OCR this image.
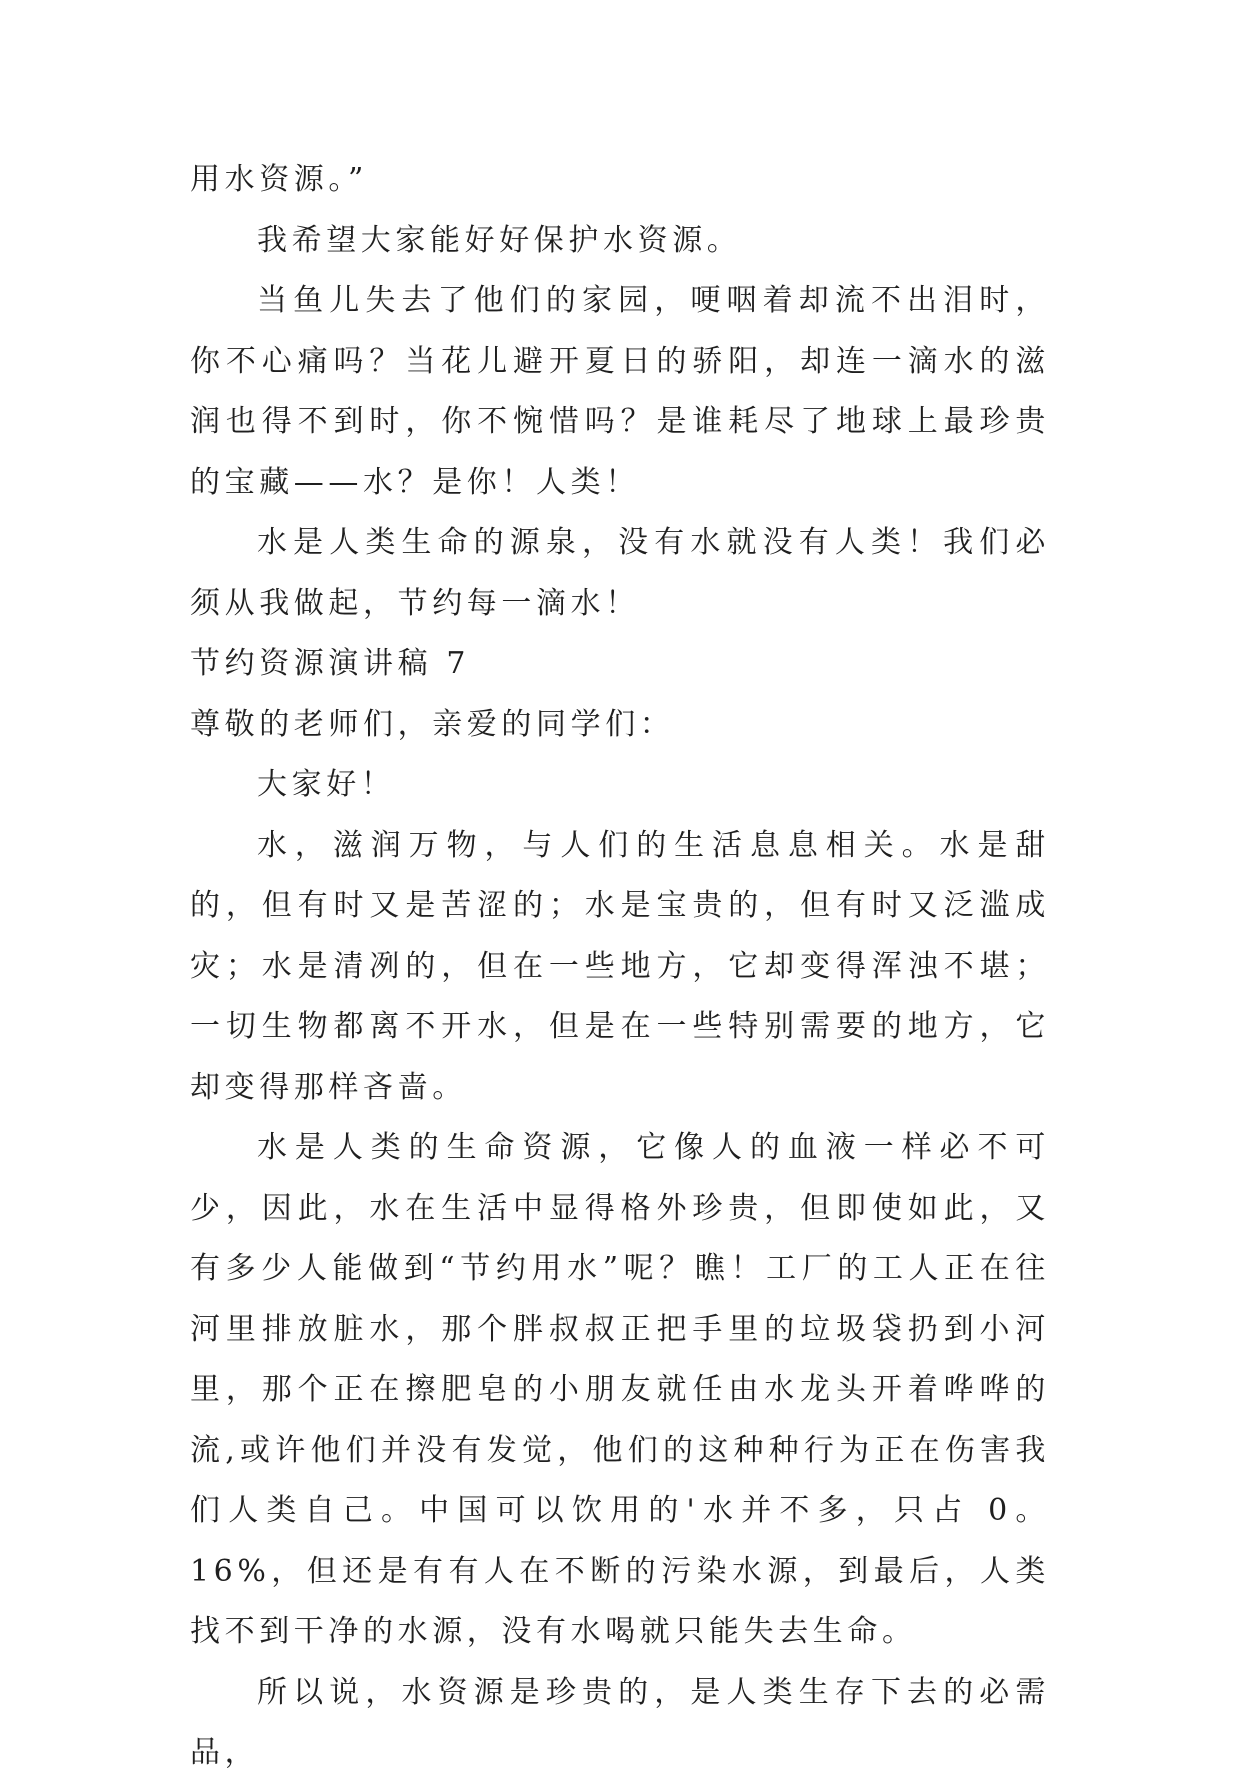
用水资源。”

我希望大家能好好保护水资源。

当鱼儿失去了他们的家园，哽咽着却流不出泪时，你不心痛吗？当花儿避开夏日的骄阳，却连一滴水的滋润也得不到时，你不惋惜吗？是谁耗尽了地球上最珍贵的宝藏——水？是你！人类！

水是人类生命的源泉，没有水就没有人类！我们必须从我做起，节约每一滴水！

节约资源演讲稿 7

尊敬的老师们，亲爱的同学们：

大家好！

水，滋润万物，与人们的生活息息相关。水是甜的，但有时又是苦涩的；水是宝贵的，但有时又泛滥成灾；水是清冽的，但在一些地方，它却变得浑浊不堪；一切生物都离不开水，但是在一些特别需要的地方，它却变得那样吝啬。

水是人类的生命资源，它像人的血液一样必不可少，因此，水在生活中显得格外珍贵，但即使如此，又有多少人能做到“节约用水”呢？瞧！工厂的工人正在往河里排放脏水，那个胖叔叔正把手里的垃圾袋扔到小河里，那个正在擦肥皂的小朋友就任由水龙头开着哗哗的流,或许他们并没有发觉，他们的这种种行为正在伤害我们人类自己。中国可以饮用的'水并不多，只占 0。16%，但还是有有人在不断的污染水源，到最后，人类找不到干净的水源，没有水喝就只能失去生命。

所以说，水资源是珍贵的，是人类生存下去的必需品，
